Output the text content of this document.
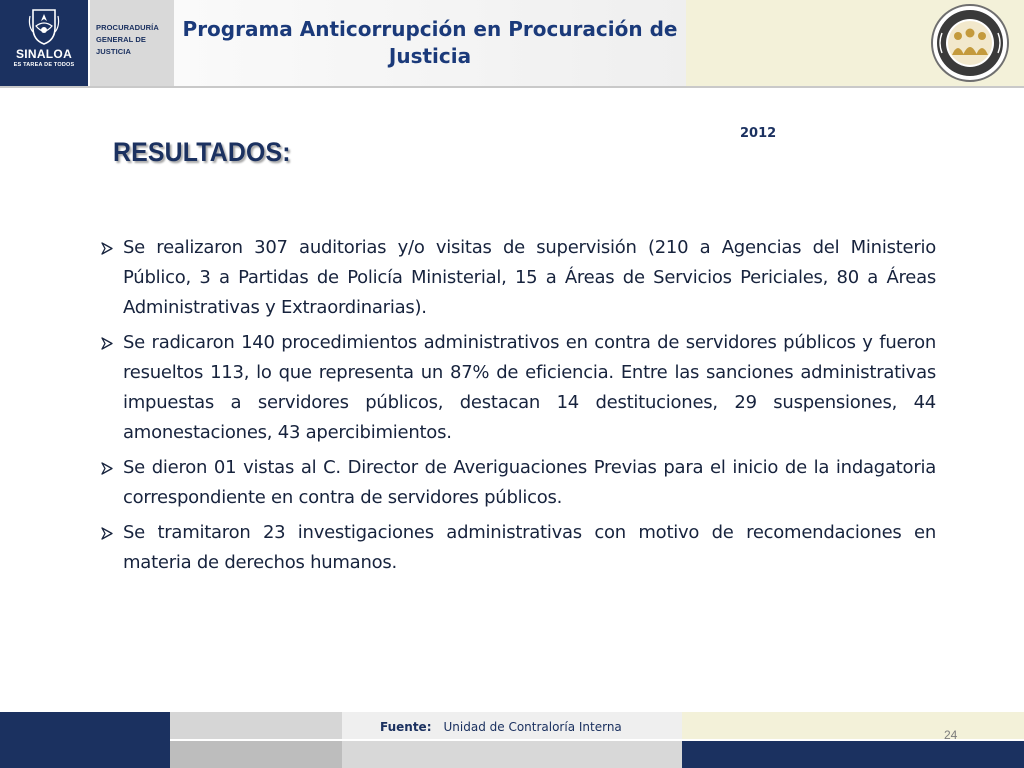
SINALOA
ES TAREA DE TODOS
PROCURADURÍA
GENERAL DE
JUSTICIA
Programa Anticorrupción en Procuración de Justicia
2012
RESULTADOS:
Se realizaron 307 auditorias y/o visitas de supervisión (210 a Agencias del Ministerio Público, 3 a Partidas de Policía Ministerial, 15 a Áreas de Servicios Periciales, 80 a Áreas Administrativas y Extraordinarias).
Se radicaron 140 procedimientos administrativos en contra de servidores públicos y fueron resueltos 113, lo que representa un 87% de eficiencia. Entre las sanciones administrativas impuestas a servidores públicos, destacan 14 destituciones, 29 suspensiones, 44 amonestaciones, 43 apercibimientos.
Se dieron 01 vistas al C. Director de Averiguaciones Previas para el inicio de la indagatoria correspondiente en contra de servidores públicos.
Se tramitaron 23 investigaciones administrativas con motivo de recomendaciones en materia de derechos humanos.
Fuente: Unidad de Contraloría Interna
24
